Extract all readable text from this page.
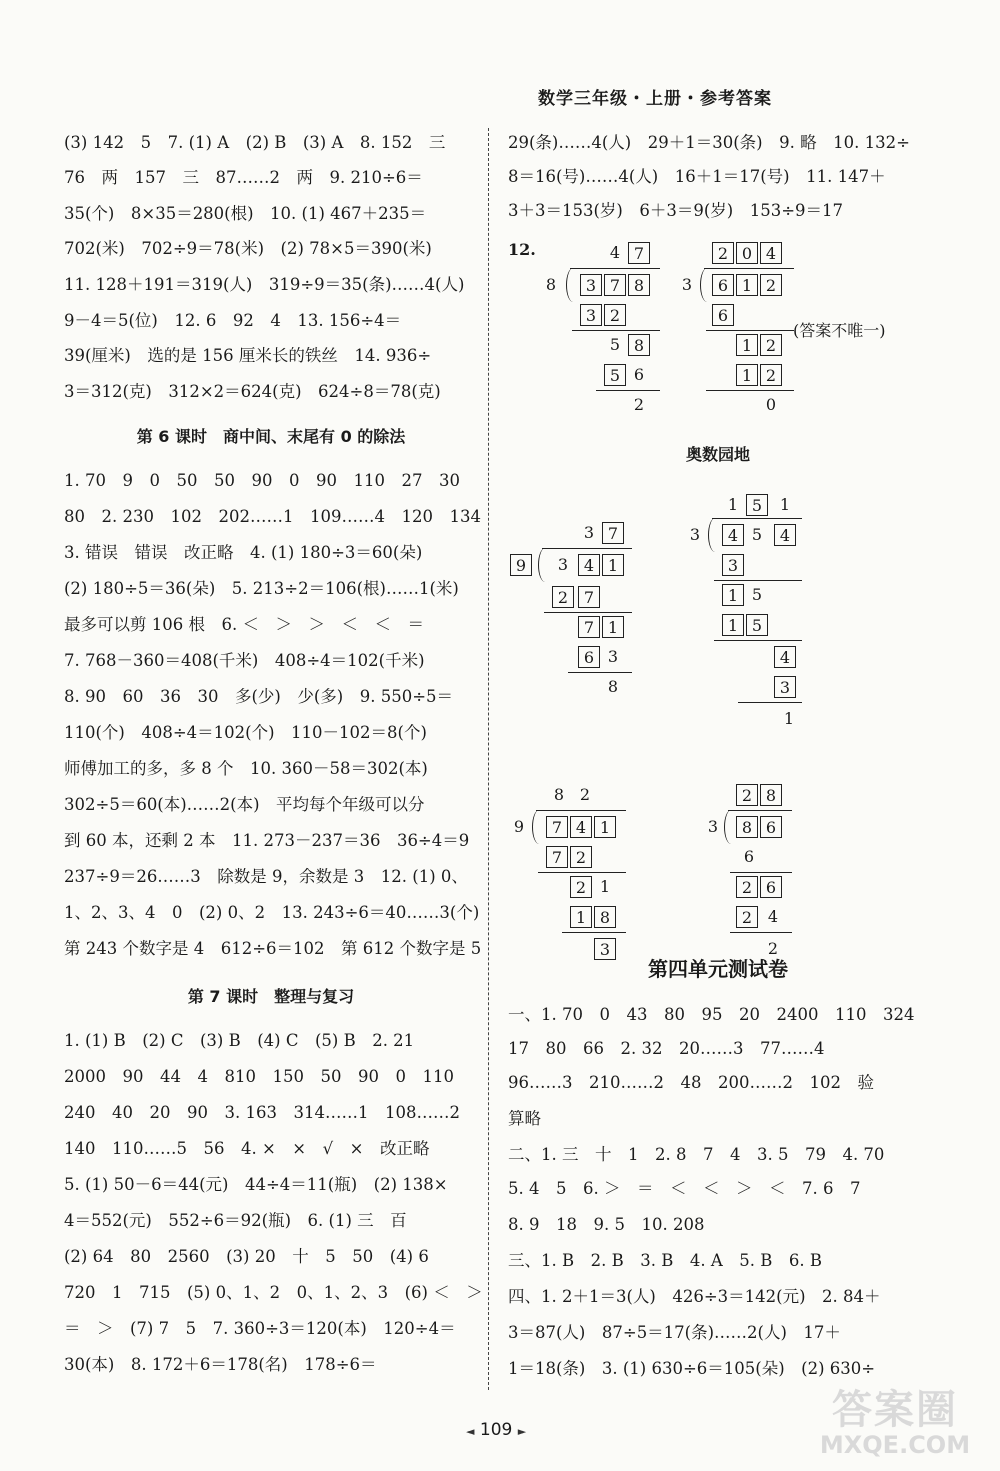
数学三年级・上册・参考答案
(3) 142　5　7. (1) A　(2) B　(3) A　8. 152　三
76　两　157　三　87……2　两　9. 210÷6＝
35(个)　8×35＝280(根)　10. (1) 467＋235＝
702(米)　702÷9＝78(米)　(2) 78×5＝390(米)
11. 128＋191＝319(人)　319÷9＝35(条)……4(人)
9－4＝5(位)　12. 6　92　4　13. 156÷4＝
39(厘米)　选的是 156 厘米长的铁丝　14. 936÷
3＝312(克)　312×2＝624(克)　624÷8＝78(克)
第 6 课时　商中间、末尾有 0 的除法
1. 70　9　0　50　50　90　0　90　110　27　30
80　2. 230　102　202……1　109……4　120　134
3. 错误　错误　改正略　4. (1) 180÷3＝60(朵)
(2) 180÷5＝36(朵)　5. 213÷2＝106(根)……1(米)
最多可以剪 106 根　6. ＜　＞　＞　＜　＜　＝
7. 768－360＝408(千米)　408÷4＝102(千米)
8. 90　60　36　30　多(少)　少(多)　9. 550÷5＝
110(个)　408÷4＝102(个)　110－102＝8(个)
师傅加工的多，多 8 个　10. 360－58＝302(本)
302÷5＝60(本)……2(本)　平均每个年级可以分
到 60 本，还剩 2 本　11. 273－237＝36　36÷4＝9
237÷9＝26……3　除数是 9，余数是 3　12. (1) 0、
1、2、3、4　0　(2) 0、2　13. 243÷6＝40……3(个)
第 243 个数字是 4　612÷6＝102　第 612 个数字是 5
第 7 课时　整理与复习
1. (1) B　(2) C　(3) B　(4) C　(5) B　2. 21
2000　90　44　4　810　150　50　90　0　110
240　40　20　90　3. 163　314……1　108……2
140　110……5　56　4. ×　×　√　×　改正略
5. (1) 50－6＝44(元)　44÷4＝11(瓶)　(2) 138×
4＝552(元)　552÷6＝92(瓶)　6. (1) 三　百
(2) 64　80　2560　(3) 20　十　5　50　(4) 6
720　1　715　(5) 0、1、2　0、1、2、3　(6) ＜　＞
＝　＞　(7) 7　5　7. 360÷3＝120(本)　120÷4＝
30(本)　8. 172＋6＝178(名)　178÷6＝
29(条)……4(人)　29＋1＝30(条)　9. 略　10. 132÷
8＝16(号)……4(人)　16＋1＝17(号)　11. 147＋
3＋3＝153(岁)　6＋3＝9(岁)　153÷9＝17
12.
(答案不唯一)
4 7
8	3 7 8
3 2
5 8
5 6
2
2 0 4
3	6 1 2
6
1 2
1 2
0
奥数园地
3 7
9	3 4 1
2 7
7 1
6 3
8
1 5	1
3	4 5	4
3
1 5
1 5
4
3
1
8 2
9	7 4 1
7 2
2 1
1 8
3
2 8
3	8 6
6
2 6
2 4
2
第四单元测试卷
一、1. 70　0　43　80　95　20　2400　110　324
17　80　66　2. 32　20……3　77……4
96……3　210……2　48　200……2　102　验
算略
二、1. 三　十　1　2. 8　7　4　3. 5　79　4. 70
5. 4　5　6. ＞　＝　＜　＜　＞　＜　7. 6　7
8. 9　18　9. 5　10. 208
三、1. B　2. B　3. B　4. A　5. B　6. B
四、1. 2＋1＝3(人)　426÷3＝142(元)　2. 84＋
3＝87(人)　87÷5＝17(条)……2(人)　17＋
1＝18(条)　3. (1) 630÷6＝105(朵)　(2) 630÷
◄ 109 ►	答案圈
MXQE.COM
